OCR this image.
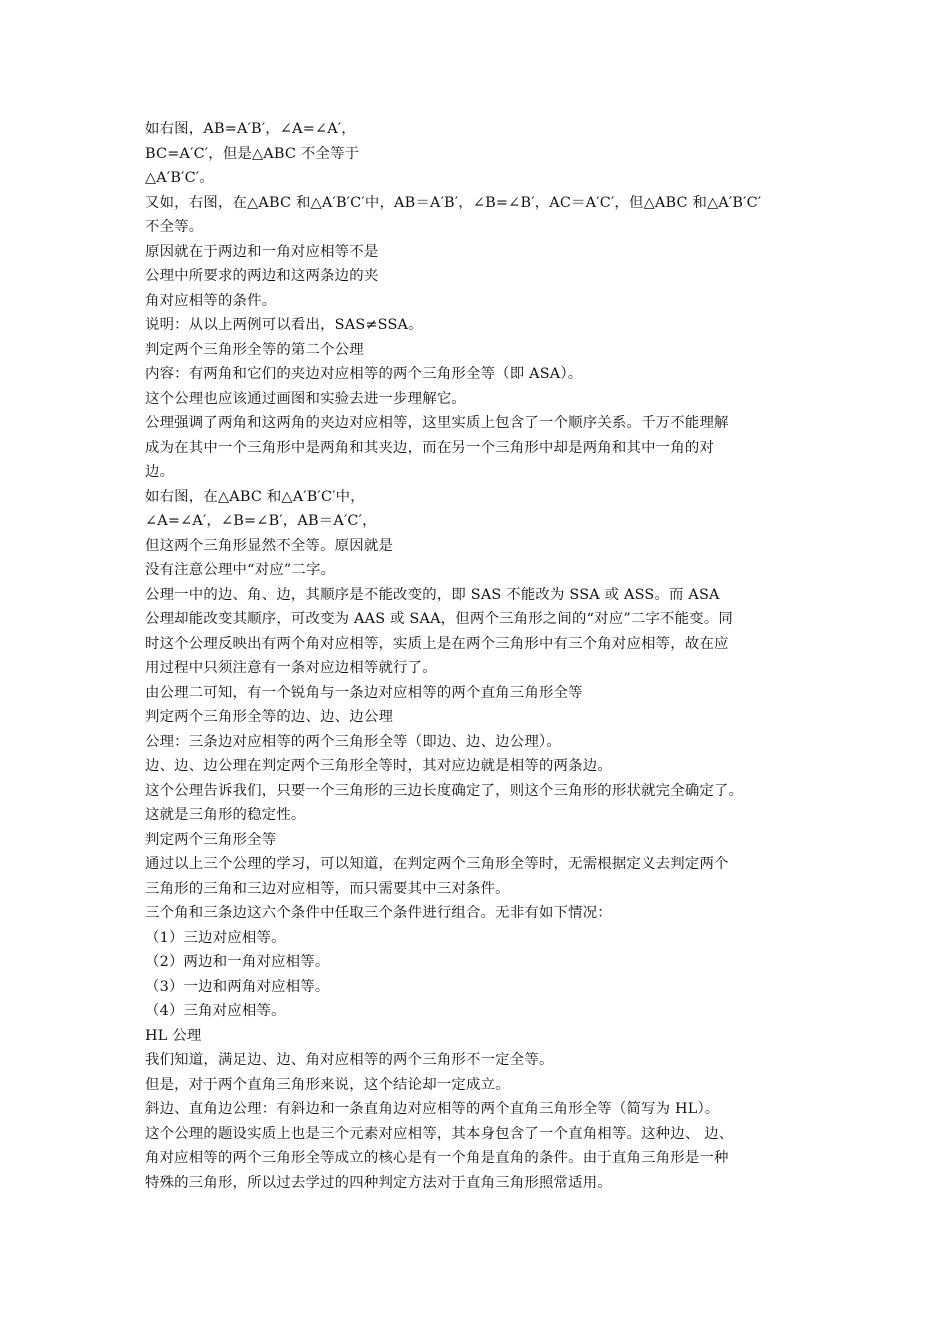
如右图，AB=A′B′，∠A=∠A′，
BC=A′C′，但是△ABC 不全等于
△A′B′C′。
又如，右图，在△ABC 和△A′B′C′中，AB＝A′B′，∠B=∠B′，AC＝A′C′，但△ABC 和△A′B′C′
不全等。
原因就在于两边和一角对应相等不是
公理中所要求的两边和这两条边的夹
角对应相等的条件。
说明：从以上两例可以看出，SAS≠SSA。
判定两个三角形全等的第二个公理
内容：有两角和它们的夹边对应相等的两个三角形全等（即 ASA）。
这个公理也应该通过画图和实验去进一步理解它。
公理强调了两角和这两角的夹边对应相等，这里实质上包含了一个顺序关系。千万不能理解
成为在其中一个三角形中是两角和其夹边，而在另一个三角形中却是两角和其中一角的对
边。
如右图，在△ABC 和△A′B′C′中，
∠A=∠A′，∠B=∠B′，AB＝A′C′，
但这两个三角形显然不全等。原因就是
没有注意公理中“对应”二字。
公理一中的边、角、边，其顺序是不能改变的，即 SAS 不能改为 SSA 或 ASS。而 ASA
公理却能改变其顺序，可改变为 AAS 或 SAA，但两个三角形之间的“对应”二字不能变。同
时这个公理反映出有两个角对应相等，实质上是在两个三角形中有三个角对应相等，故在应
用过程中只须注意有一条对应边相等就行了。
由公理二可知，有一个锐角与一条边对应相等的两个直角三角形全等
判定两个三角形全等的边、边、边公理
公理：三条边对应相等的两个三角形全等（即边、边、边公理）。
边、边、边公理在判定两个三角形全等时，其对应边就是相等的两条边。
这个公理告诉我们，只要一个三角形的三边长度确定了，则这个三角形的形状就完全确定了。
这就是三角形的稳定性。
判定两个三角形全等
通过以上三个公理的学习，可以知道，在判定两个三角形全等时，无需根据定义去判定两个
三角形的三角和三边对应相等，而只需要其中三对条件。
三个角和三条边这六个条件中任取三个条件进行组合。无非有如下情况：
（1）三边对应相等。
（2）两边和一角对应相等。
（3）一边和两角对应相等。
（4）三角对应相等。
HL 公理
我们知道，满足边、边、角对应相等的两个三角形不一定全等。
但是，对于两个直角三角形来说，这个结论却一定成立。
斜边、直角边公理：有斜边和一条直角边对应相等的两个直角三角形全等（简写为 HL）。
这个公理的题设实质上也是三个元素对应相等，其本身包含了一个直角相等。这种边、 边、
角对应相等的两个三角形全等成立的核心是有一个角是直角的条件。由于直角三角形是一种
特殊的三角形，所以过去学过的四种判定方法对于直角三角形照常适用。
